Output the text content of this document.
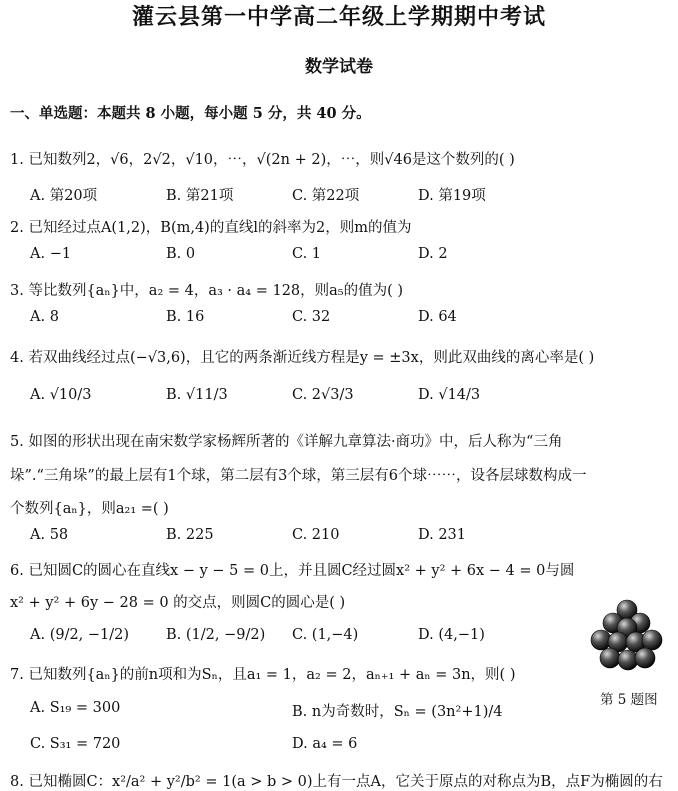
灌云县第一中学高二年级上学期期中考试
数学试卷
一、单选题：本题共 8 小题，每小题 5 分，共 40 分。
1. 已知数列2，√6，2√2，√10，⋯，√(2n + 2)，⋯，则√46是这个数列的( )
A. 第20项	B. 第21项	C. 第22项	D. 第19项
2. 已知经过点A(1,2)，B(m,4)的直线l的斜率为2，则m的值为
A. −1	B. 0	C. 1	D. 2
3. 等比数列{aₙ}中，a₂ = 4，a₃ · a₄ = 128，则a₅的值为( )
A. 8	B. 16	C. 32	D. 64
4. 若双曲线经过点(−√3,6)，且它的两条渐近线方程是y = ±3x，则此双曲线的离心率是( )
A. √10/3	B. √11/3	C. 2√3/3	D. √14/3
5. 如图的形状出现在南宋数学家杨辉所著的《详解九章算法·商功》中，后人称为“三角
垛”.“三角垛”的最上层有1个球，第二层有3个球，第三层有6个球⋯⋯，设各层球数构成一
个数列{aₙ}，则a₂₁ =( )
A. 58	B. 225	C. 210	D. 231
6. 已知圆C的圆心在直线x − y − 5 = 0上，并且圆C经过圆x² + y² + 6x − 4 = 0与圆
x² + y² + 6y − 28 = 0 的交点，则圆C的圆心是( )
A. (9/2, −1/2)	B. (1/2, −9/2) C. (1,−4)	D. (4,−1)
7. 已知数列{aₙ}的前n项和为Sₙ，且a₁ = 1，a₂ = 2，aₙ₊₁ + aₙ = 3n，则( )
A. S₁₉ = 300	B. n为奇数时，Sₙ = (3n²+1)/4
C. S₃₁ = 720	D. a₄ = 6
8. 已知椭圆C：x²/a² + y²/b² = 1(a > b > 0)上有一点A，它关于原点的对称点为B，点F为椭圆的右
第 5 题图
